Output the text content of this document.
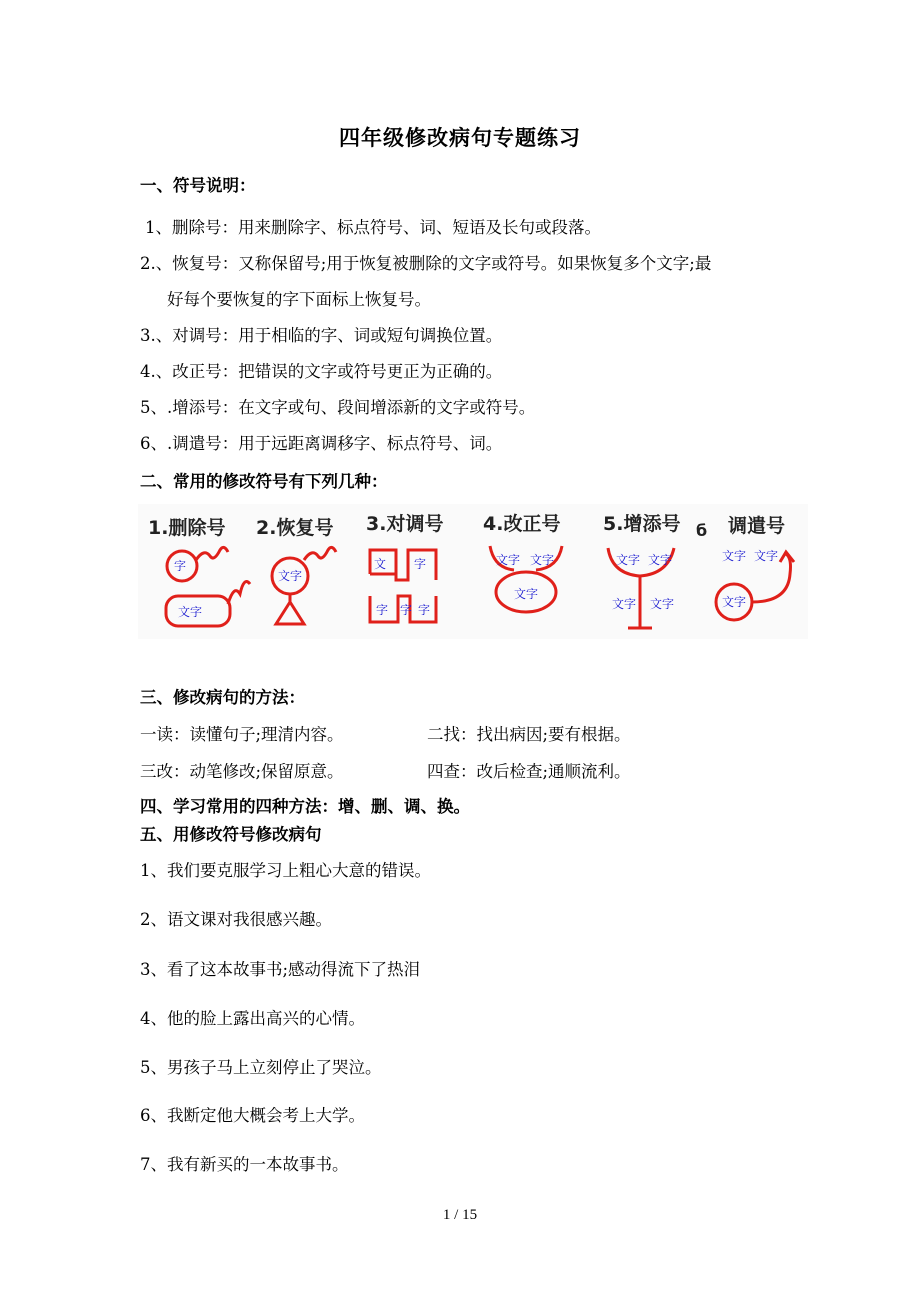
四年级修改病句专题练习
一、符号说明：
1、删除号：用来删除字、标点符号、词、短语及长句或段落。
2.、恢复号：又称保留号;用于恢复被删除的文字或符号。如果恢复多个文字;最
好每个要恢复的字下面标上恢复号。
3.、对调号：用于相临的字、词或短句调换位置。
4.、改正号：把错误的文字或符号更正为正确的。
5、.增添号：在文字或句、段间增添新的文字或符号。
6、.调遣号：用于远距离调移字、标点符号、词。
二、常用的修改符号有下列几种：
1.删除号 2.恢复号 3.对调号 4.改正号 5.增添号 б 调遣号
字
文字
文字
文 字
字 字 字
文字 文字
文字
文字 文字
文字 文字
文字 文字
文字
三、修改病句的方法：
一读：读懂句子;理清内容。	二找：找出病因;要有根据。
三改：动笔修改;保留原意。	四查：改后检查;通顺流利。
四、学习常用的四种方法：增、删、调、换。
五、用修改符号修改病句
1、我们要克服学习上粗心大意的错误。
2、语文课对我很感兴趣。
3、看了这本故事书;感动得流下了热泪
4、他的脸上露出高兴的心情。
5、男孩子马上立刻停止了哭泣。
6、我断定他大概会考上大学。
7、我有新买的一本故事书。
1 / 15
